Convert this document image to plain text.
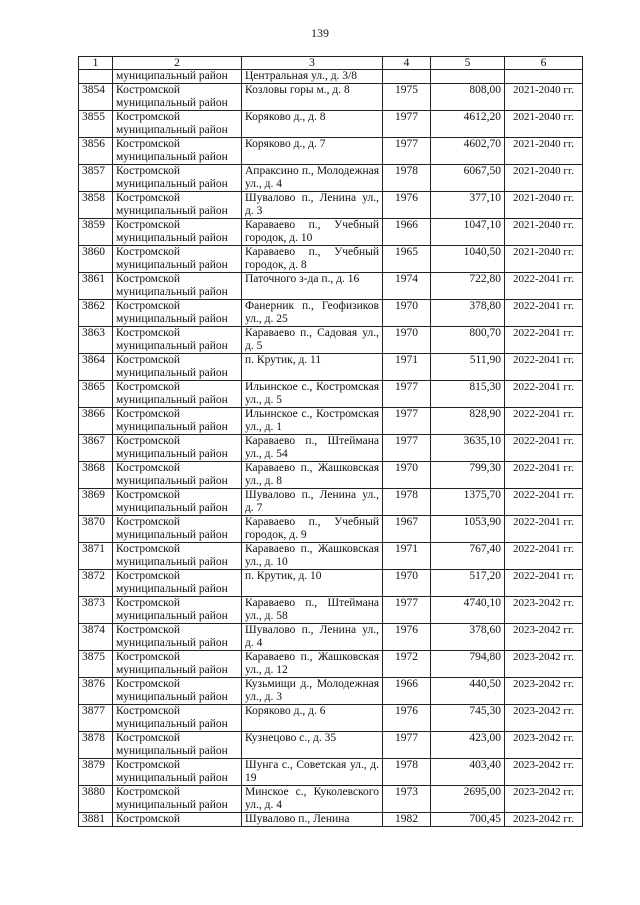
139
1	2	3	4	5	6
	муниципальный район	Центральная ул., д. 3/8			
3854	Костромской муниципальный район	Козловы горы м., д. 8	1975	808,00	2021-2040 гг.
3855	Костромской муниципальный район	Коряково д., д. 8	1977	4612,20	2021-2040 гг.
3856	Костромской муниципальный район	Коряково д., д. 7	1977	4602,70	2021-2040 гг.
3857	Костромской муниципальный район	Апраксино п., Молодежная ул., д. 4	1978	6067,50	2021-2040 гг.
3858	Костромской муниципальный район	Шувалово п., Ленина ул., д. 3	1976	377,10	2021-2040 гг.
3859	Костромской муниципальный район	Караваево п., Учебный городок, д. 10	1966	1047,10	2021-2040 гг.
3860	Костромской муниципальный район	Караваево п., Учебный городок, д. 8	1965	1040,50	2021-2040 гг.
3861	Костромской муниципальный район	Паточного з-да п., д. 16	1974	722,80	2022-2041 гг.
3862	Костромской муниципальный район	Фанерник п., Геофизиков ул., д. 25	1970	378,80	2022-2041 гг.
3863	Костромской муниципальный район	Караваево п., Садовая ул., д. 5	1970	800,70	2022-2041 гг.
3864	Костромской муниципальный район	п. Крутик, д. 11	1971	511,90	2022-2041 гг.
3865	Костромской муниципальный район	Ильинское с., Костромская ул., д. 5	1977	815,30	2022-2041 гг.
3866	Костромской муниципальный район	Ильинское с., Костромская ул., д. 1	1977	828,90	2022-2041 гг.
3867	Костромской муниципальный район	Караваево п., Штеймана ул., д. 54	1977	3635,10	2022-2041 гг.
3868	Костромской муниципальный район	Караваево п., Жашковская ул., д. 8	1970	799,30	2022-2041 гг.
3869	Костромской муниципальный район	Шувалово п., Ленина ул., д. 7	1978	1375,70	2022-2041 гг.
3870	Костромской муниципальный район	Караваево п., Учебный городок, д. 9	1967	1053,90	2022-2041 гг.
3871	Костромской муниципальный район	Караваево п., Жашковская ул., д. 10	1971	767,40	2022-2041 гг.
3872	Костромской муниципальный район	п. Крутик, д. 10	1970	517,20	2022-2041 гг.
3873	Костромской муниципальный район	Караваево п., Штеймана ул., д. 58	1977	4740,10	2023-2042 гг.
3874	Костромской муниципальный район	Шувалово п., Ленина ул., д. 4	1976	378,60	2023-2042 гг.
3875	Костромской муниципальный район	Караваево п., Жашковская ул., д. 12	1972	794,80	2023-2042 гг.
3876	Костромской муниципальный район	Кузьмищи д., Молодежная ул., д. 3	1966	440,50	2023-2042 гг.
3877	Костромской муниципальный район	Коряково д., д. 6	1976	745,30	2023-2042 гг.
3878	Костромской муниципальный район	Кузнецово с., д. 35	1977	423,00	2023-2042 гг.
3879	Костромской муниципальный район	Шунга с., Советская ул., д. 19	1978	403,40	2023-2042 гг.
3880	Костромской муниципальный район	Минское с., Куколевского ул., д. 4	1973	2695,00	2023-2042 гг.
3881	Костромской	Шувалово п., Ленина	1982	700,45	2023-2042 гг.
